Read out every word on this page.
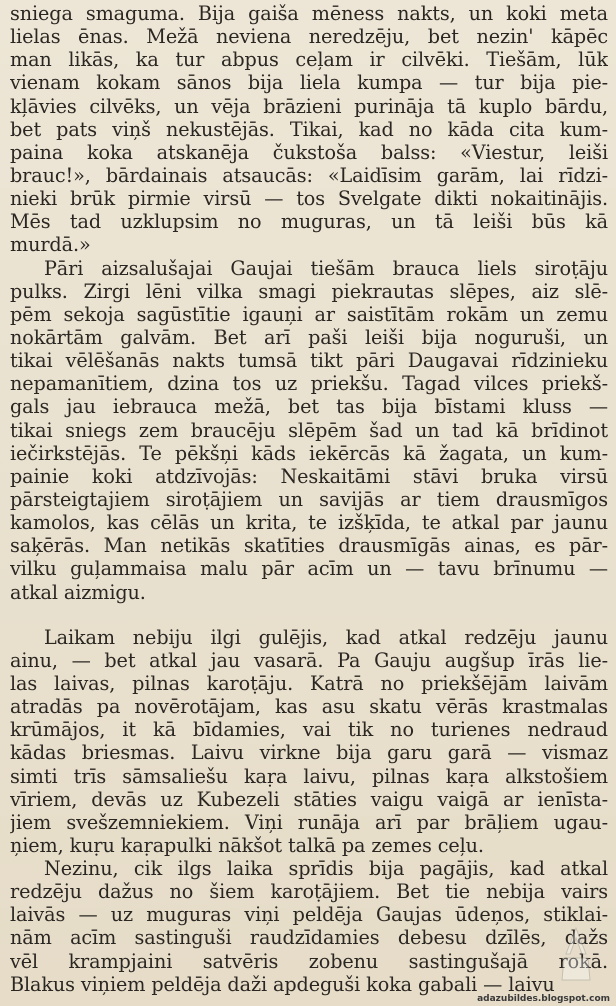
sniega smaguma. Bija gaiša mēness nakts, un koki meta
lielas ēnas. Mežā neviena neredzēju, bet nezin' kāpēc
man likās, ka tur abpus ceļam ir cilvēki. Tiešām, lūk
vienam kokam sānos bija liela kumpa — tur bija pie-
kļāvies cilvēks, un vēja brāzieni purināja tā kuplo bārdu,
bet pats viņš nekustējās. Tikai, kad no kāda cita kum-
paina koka atskanēja čukstoša balss: «Viestur, leiši
brauc!», bārdainais atsaucās: «Laidīsim garām, lai rīdzi-
nieki brūk pirmie virsū — tos Svelgate dikti nokaitinājis.
Mēs tad uzklupsim no muguras, un tā leiši būs kā
murdā.»
Pāri aizsalušajai Gaujai tiešām brauca liels siroṭāju
pulks. Zirgi lēni vilka smagi piekrautas slēpes, aiz slē-
pēm sekoja sagūstītie igauņi ar saistītām rokām un zemu
nokārtām galvām. Bet arī paši leiši bija noguruši, un
tikai vēlēšanās nakts tumsā tikt pāri Daugavai rīdzinieku
nepamanītiem, dzina tos uz priekšu. Tagad vilces priekš-
gals jau iebrauca mežā, bet tas bija bīstami kluss —
tikai sniegs zem braucēju slēpēm šad un tad kā brīdinot
iečirkstējās. Te pēkšņi kāds iekērcās kā žagata, un kum-
painie koki atdzīvojās: Neskaitāmi stāvi bruka virsū
pārsteigtajiem siroṭājiem un savijās ar tiem drausmīgos
kamolos, kas cēlās un krita, te izšķīda, te atkal par jaunu
saķērās. Man netikās skatīties drausmīgās ainas, es pār-
vilku guļammaisa malu pār acīm un — tavu brīnumu —
atkal aizmigu.
Laikam nebiju ilgi gulējis, kad atkal redzēju jaunu
ainu, — bet atkal jau vasarā. Pa Gauju augšup īrās lie-
las laivas, pilnas karoṭāju. Katrā no priekšējām laivām
atradās pa novērotājam, kas asu skatu vērās krastmalas
krūmājos, it kā bīdamies, vai tik no turienes nedraud
kādas briesmas. Laivu virkne bija garu garā — vismaz
simti trīs sāmsaliešu kaṛa laivu, pilnas kaṛa alkstošiem
vīriem, devās uz Kubezeli stāties vaigu vaigā ar ienīsta-
jiem svešzemniekiem. Viņi runāja arī par brāļiem ugau-
ņiem, kuṛu kaṛapulki nākšot talkā pa zemes ceļu.
Nezinu, cik ilgs laika sprīdis bija pagājis, kad atkal
redzēju dažus no šiem karoṭājiem. Bet tie nebija vairs
laivās — uz muguras viņi peldēja Gaujas ūdeņos, stiklai-
nām acīm sastinguši raudzīdamies debesu dzīlēs, dažs
vēl krampjaini satvēris zobenu sastingušajā rokā.
Blakus viņiem peldēja daži apdeguši koka gabali — laivu
adazubildes.blogspot.com
